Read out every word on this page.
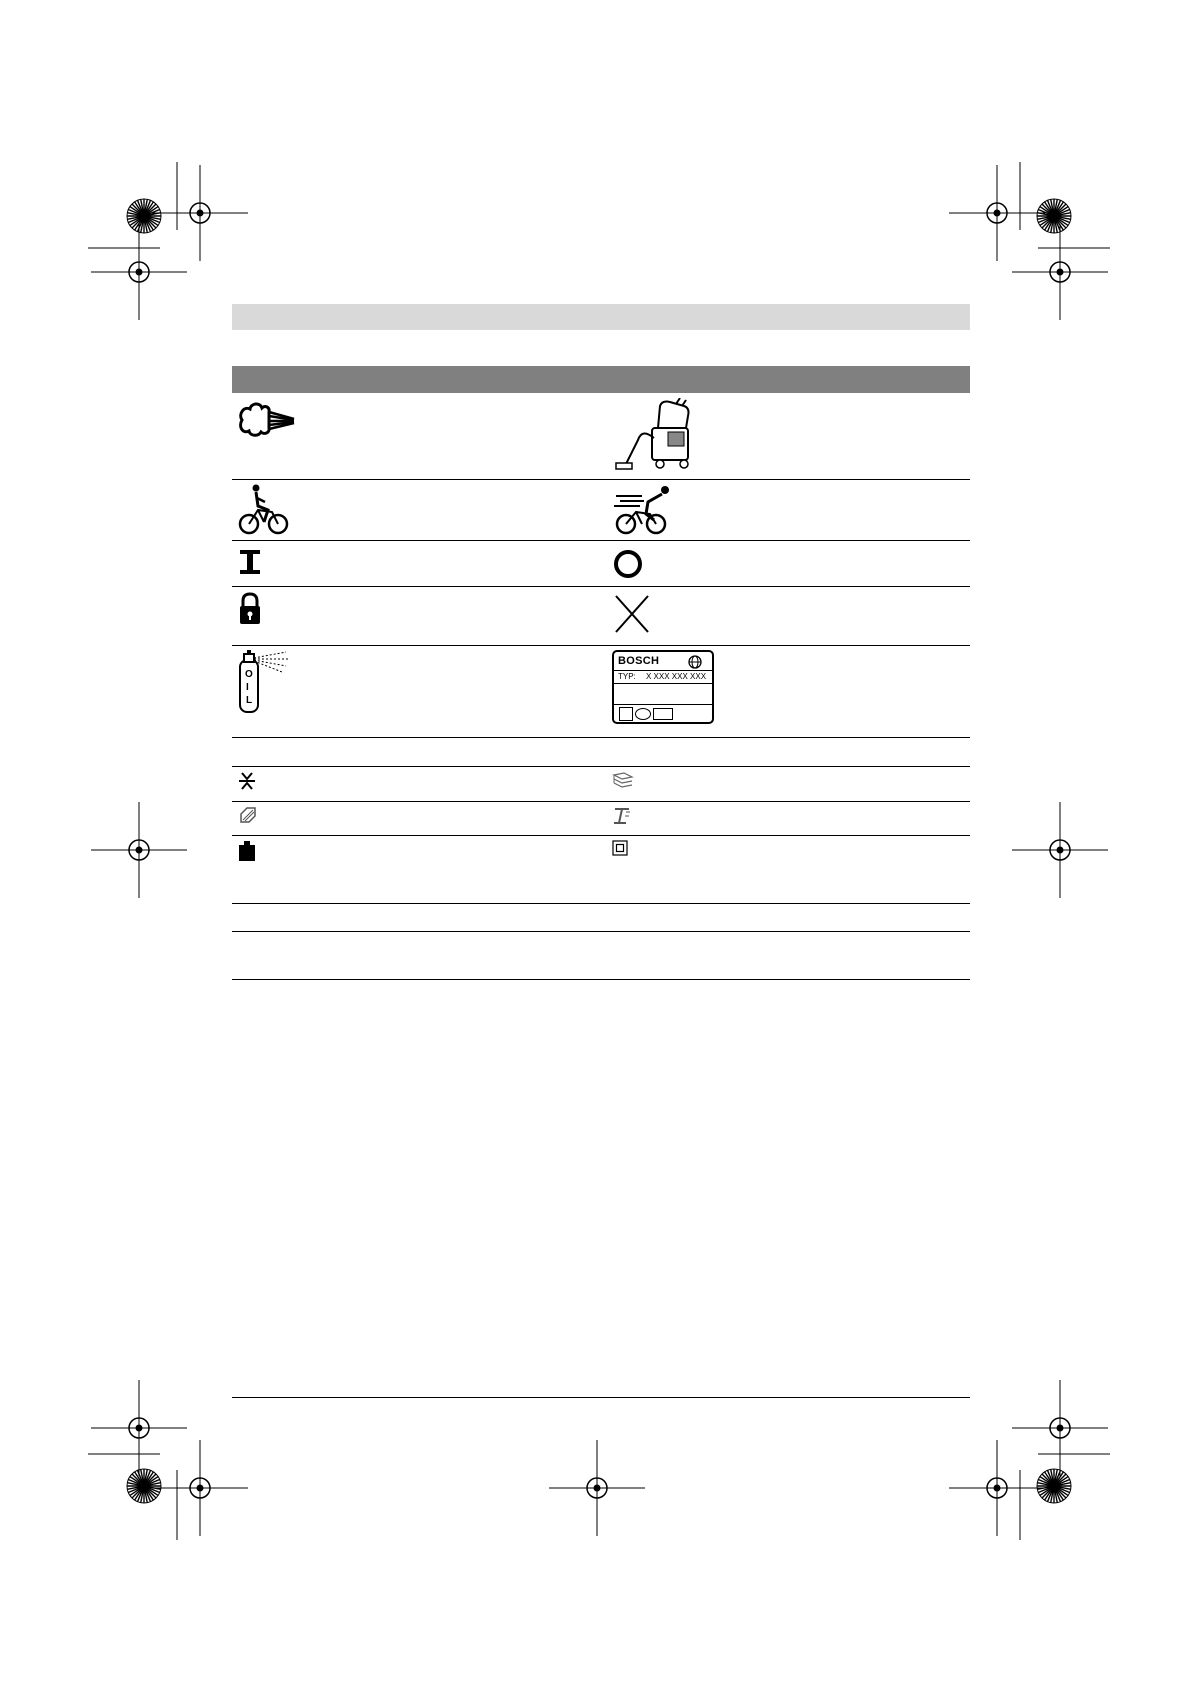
O
I
L
BOSCH
TYP: X XXX XXX XXX
